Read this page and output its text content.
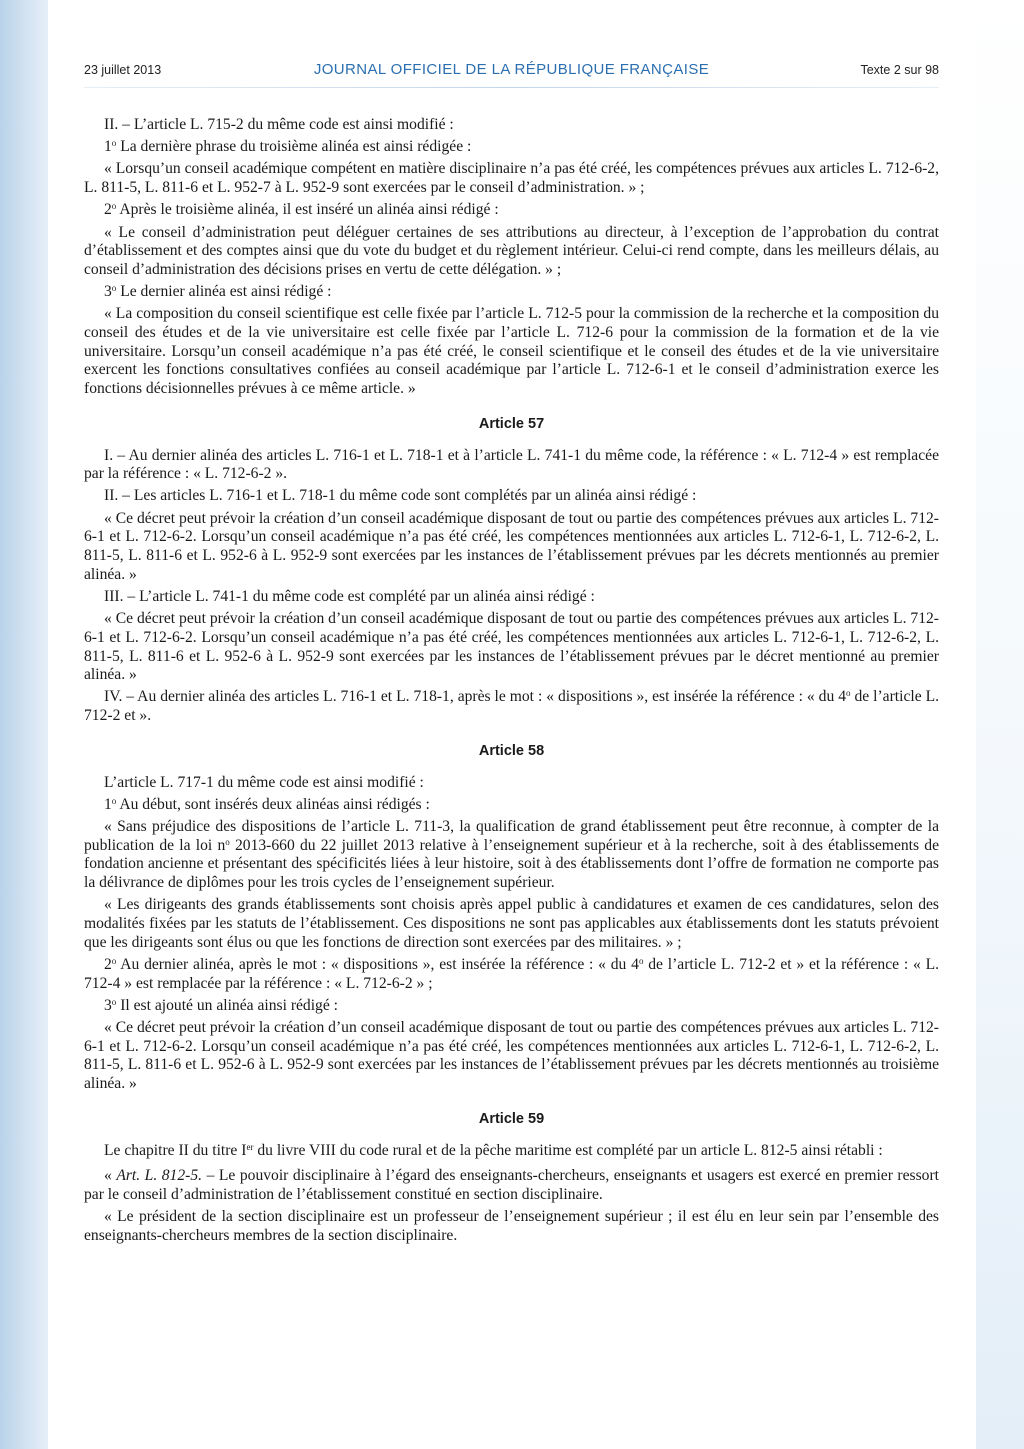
23 juillet 2013	JOURNAL OFFICIEL DE LA RÉPUBLIQUE FRANÇAISE	Texte 2 sur 98

II. – L’article L. 715-2 du même code est ainsi modifié :

1$^o$ La dernière phrase du troisième alinéa est ainsi rédigée :

« Lorsqu’un conseil académique compétent en matière disciplinaire n’a pas été créé, les compétences prévues aux articles L. 712-6-2, L. 811-5, L. 811-6 et L. 952-7 à L. 952-9 sont exercées par le conseil d’administration. » ;

2$^o$ Après le troisième alinéa, il est inséré un alinéa ainsi rédigé :

« Le conseil d’administration peut déléguer certaines de ses attributions au directeur, à l’exception de l’approbation du contrat d’établissement et des comptes ainsi que du vote du budget et du règlement intérieur. Celui-ci rend compte, dans les meilleurs délais, au conseil d’administration des décisions prises en vertu de cette délégation. » ;

3$^o$ Le dernier alinéa est ainsi rédigé :

« La composition du conseil scientifique est celle fixée par l’article L. 712-5 pour la commission de la recherche et la composition du conseil des études et de la vie universitaire est celle fixée par l’article L. 712-6 pour la commission de la formation et de la vie universitaire. Lorsqu’un conseil académique n’a pas été créé, le conseil scientifique et le conseil des études et de la vie universitaire exercent les fonctions consultatives confiées au conseil académique par l’article L. 712-6-1 et le conseil d’administration exerce les fonctions décisionnelles prévues à ce même article. »

Article 57

I. – Au dernier alinéa des articles L. 716-1 et L. 718-1 et à l’article L. 741-1 du même code, la référence : « L. 712-4 » est remplacée par la référence : « L. 712-6-2 ».

II. – Les articles L. 716-1 et L. 718-1 du même code sont complétés par un alinéa ainsi rédigé :

« Ce décret peut prévoir la création d’un conseil académique disposant de tout ou partie des compétences prévues aux articles L. 712-6-1 et L. 712-6-2. Lorsqu’un conseil académique n’a pas été créé, les compétences mentionnées aux articles L. 712-6-1, L. 712-6-2, L. 811-5, L. 811-6 et L. 952-6 à L. 952-9 sont exercées par les instances de l’établissement prévues par les décrets mentionnés au premier alinéa. »

III. – L’article L. 741-1 du même code est complété par un alinéa ainsi rédigé :

« Ce décret peut prévoir la création d’un conseil académique disposant de tout ou partie des compétences prévues aux articles L. 712-6-1 et L. 712-6-2. Lorsqu’un conseil académique n’a pas été créé, les compétences mentionnées aux articles L. 712-6-1, L. 712-6-2, L. 811-5, L. 811-6 et L. 952-6 à L. 952-9 sont exercées par les instances de l’établissement prévues par le décret mentionné au premier alinéa. »

IV. – Au dernier alinéa des articles L. 716-1 et L. 718-1, après le mot : « dispositions », est insérée la référence : « du 4$^o$ de l’article L. 712-2 et ».

Article 58

L’article L. 717-1 du même code est ainsi modifié :

1$^o$ Au début, sont insérés deux alinéas ainsi rédigés :

« Sans préjudice des dispositions de l’article L. 711-3, la qualification de grand établissement peut être reconnue, à compter de la publication de la loi $n^o$ 2013-660 du 22 juillet 2013 relative à l’enseignement supérieur et à la recherche, soit à des établissements de fondation ancienne et présentant des spécificités liées à leur histoire, soit à des établissements dont l’offre de formation ne comporte pas la délivrance de diplômes pour les trois cycles de l’enseignement supérieur.

« Les dirigeants des grands établissements sont choisis après appel public à candidatures et examen de ces candidatures, selon des modalités fixées par les statuts de l’établissement. Ces dispositions ne sont pas applicables aux établissements dont les statuts prévoient que les dirigeants sont élus ou que les fonctions de direction sont exercées par des militaires. » ;

2$^o$ Au dernier alinéa, après le mot : « dispositions », est insérée la référence : « du 4$^o$ de l’article L. 712-2 et » et la référence : « L. 712-4 » est remplacée par la référence : « L. 712-6-2 » ;

3$^o$ Il est ajouté un alinéa ainsi rédigé :

« Ce décret peut prévoir la création d’un conseil académique disposant de tout ou partie des compétences prévues aux articles L. 712-6-1 et L. 712-6-2. Lorsqu’un conseil académique n’a pas été créé, les compétences mentionnées aux articles L. 712-6-1, L. 712-6-2, L. 811-5, L. 811-6 et L. 952-6 à L. 952-9 sont exercées par les instances de l’établissement prévues par les décrets mentionnés au troisième alinéa. »

Article 59

Le chapitre II du titre Ier du livre VIII du code rural et de la pêche maritime est complété par un article L. 812-5 ainsi rétabli :

« Art. L. 812-5. – Le pouvoir disciplinaire à l’égard des enseignants-chercheurs, enseignants et usagers est exercé en premier ressort par le conseil d’administration de l’établissement constitué en section disciplinaire.

« Le président de la section disciplinaire est un professeur de l’enseignement supérieur ; il est élu en leur sein par l’ensemble des enseignants-chercheurs membres de la section disciplinaire.
